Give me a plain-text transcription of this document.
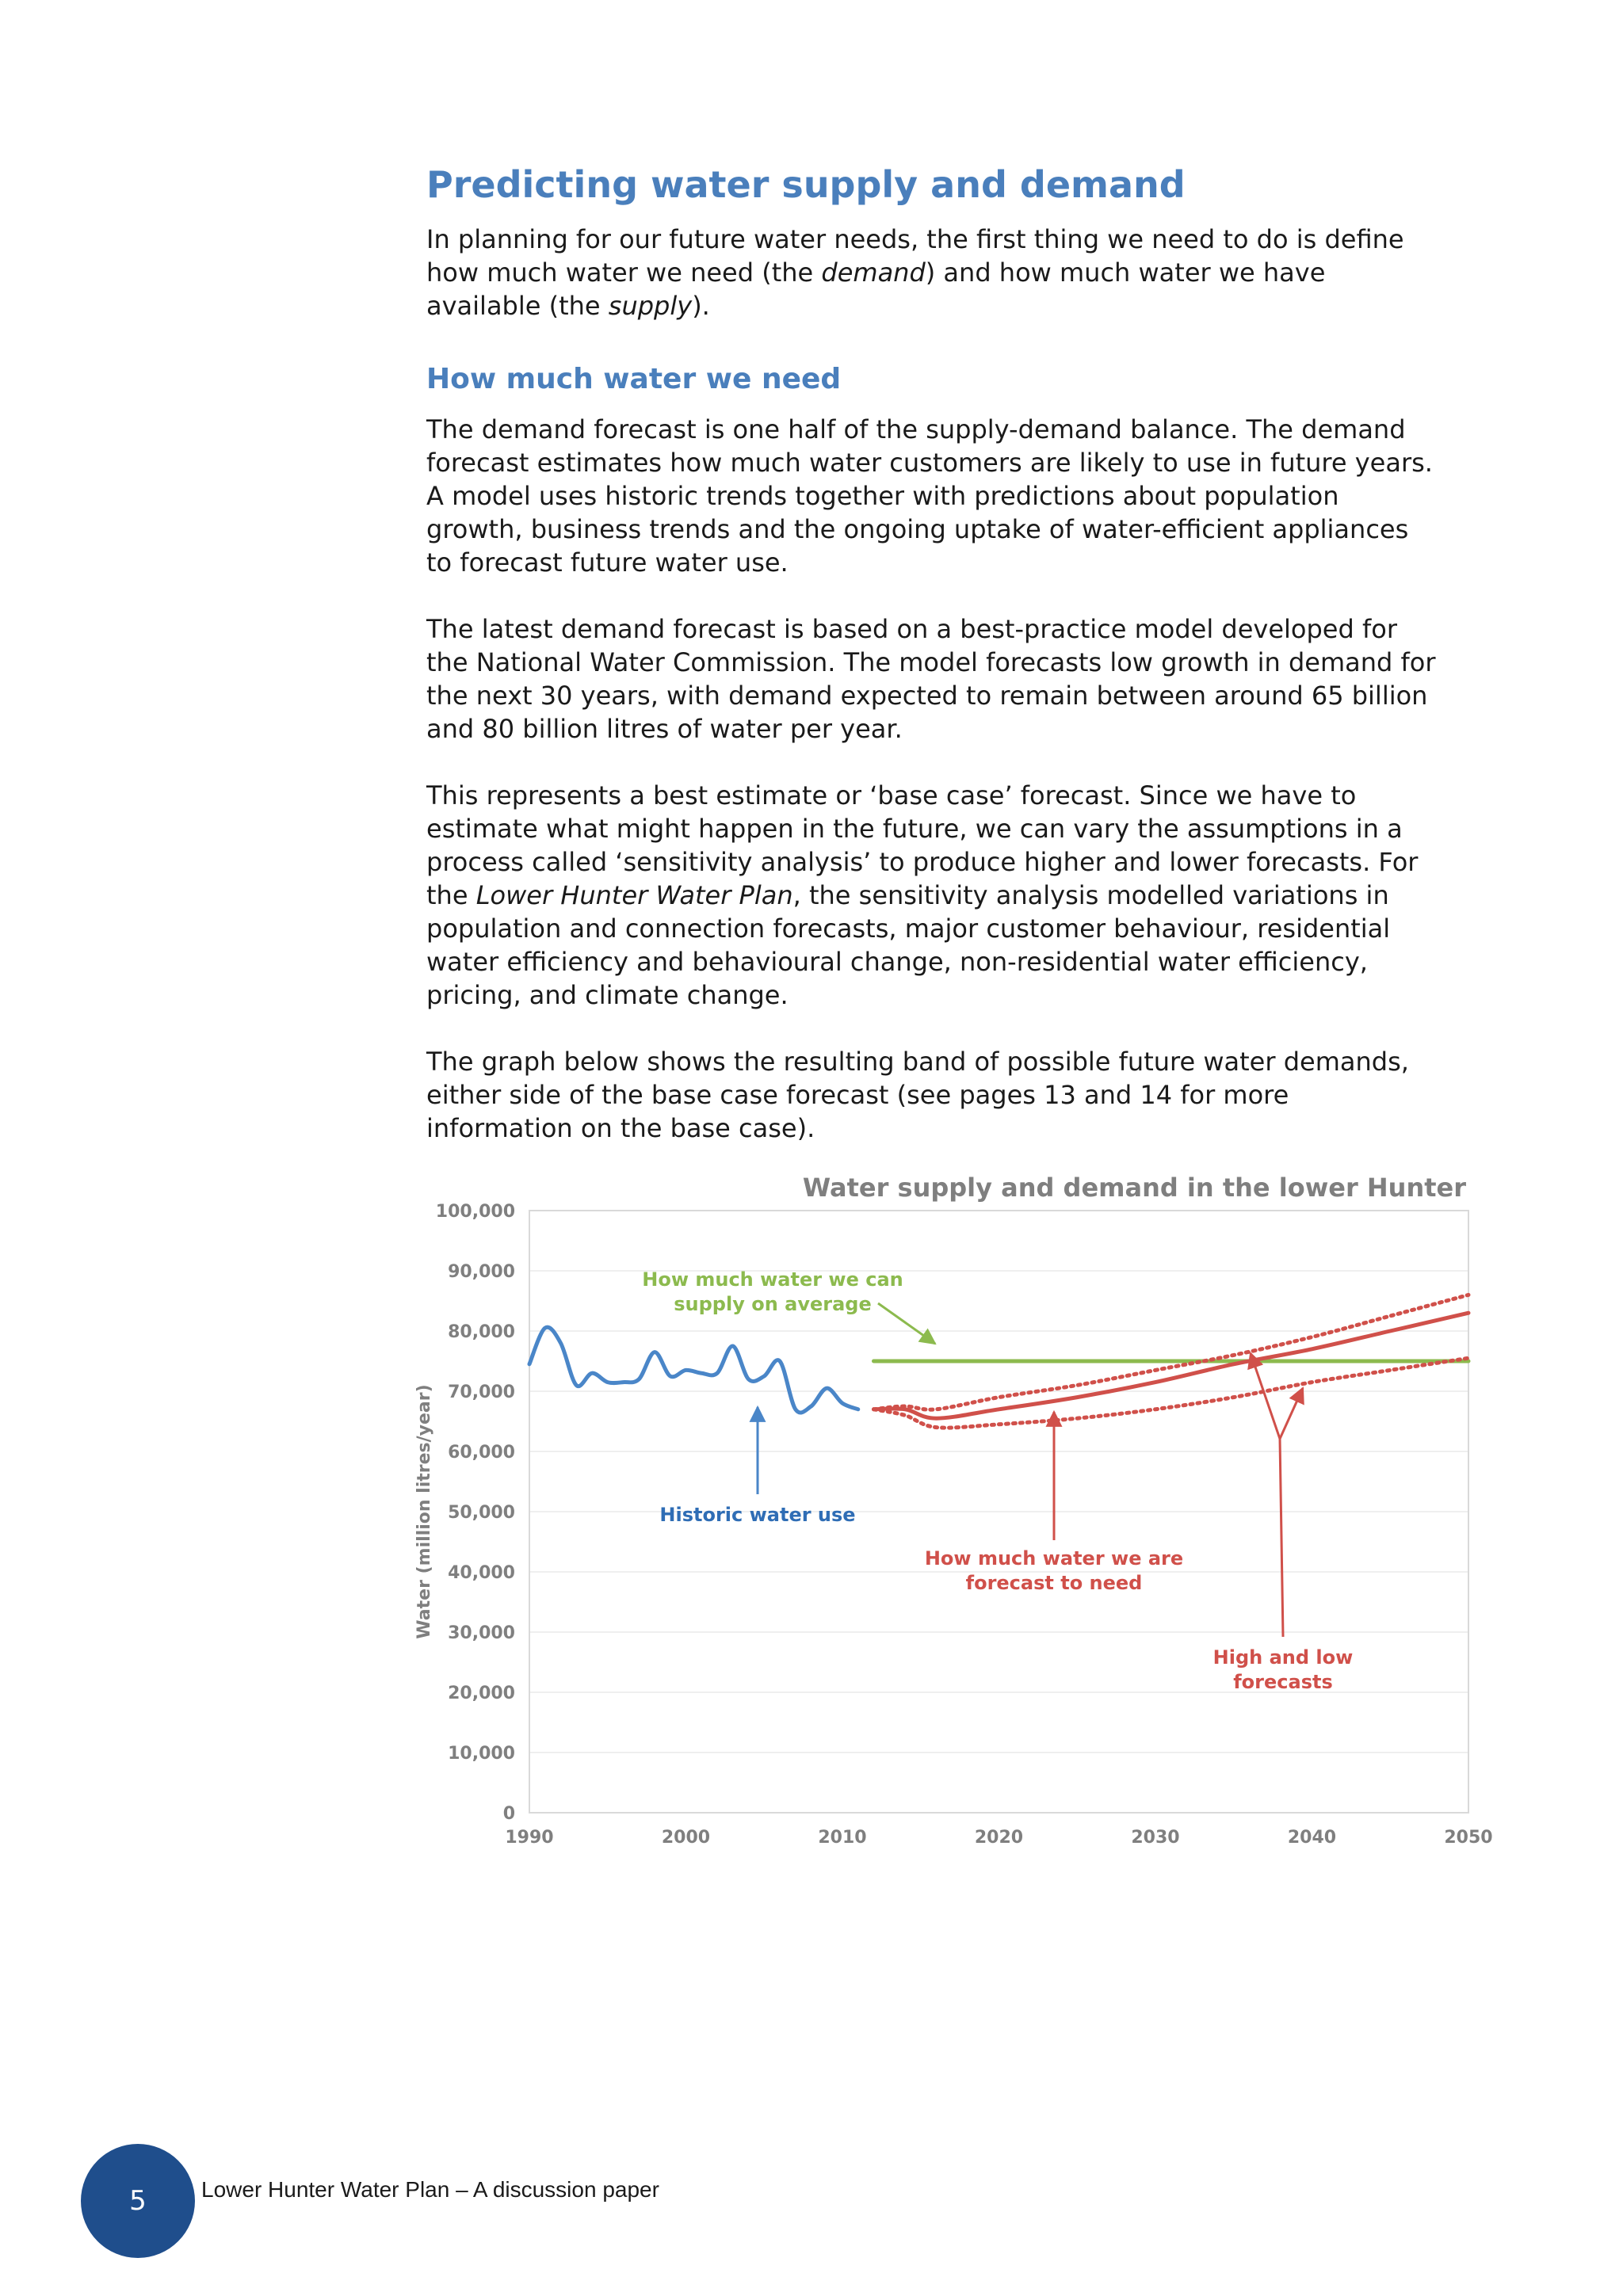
Predicting water supply and demand

In planning for our future water needs, the first thing we need to do is define how much water we need (the demand) and how much water we have available (the supply).

How much water we need

The demand forecast is one half of the supply-demand balance. The demand forecast estimates how much water customers are likely to use in future years. A model uses historic trends together with predictions about population growth, business trends and the ongoing uptake of water-efficient appliances to forecast future water use.

The latest demand forecast is based on a best-practice model developed for the National Water Commission. The model forecasts low growth in demand for the next 30 years, with demand expected to remain between around 65 billion and 80 billion litres of water per year.

This represents a best estimate or ‘base case’ forecast. Since we have to estimate what might happen in the future, we can vary the assumptions in a process called ‘sensitivity analysis’ to produce higher and lower forecasts. For the Lower Hunter Water Plan, the sensitivity analysis modelled variations in population and connection forecasts, major customer behaviour, residential water efficiency and behavioural change, non-residential water efficiency, pricing, and climate change.

The graph below shows the resulting band of possible future water demands, either side of the base case forecast (see pages 13 and 14 for more information on the base case).

0
10,000
20,000
30,000
40,000
50,000
60,000
70,000
80,000
90,000
100,000
1990	2000	2010	2020	2030	2040	2050
Water supply and demand in the lower Hunter
Water (million litres/year)
How much water we can
supply on average
Historic water use
How much water we are
forecast to need
High and low
forecasts
5 Lower Hunter Water Plan – A discussion paper
